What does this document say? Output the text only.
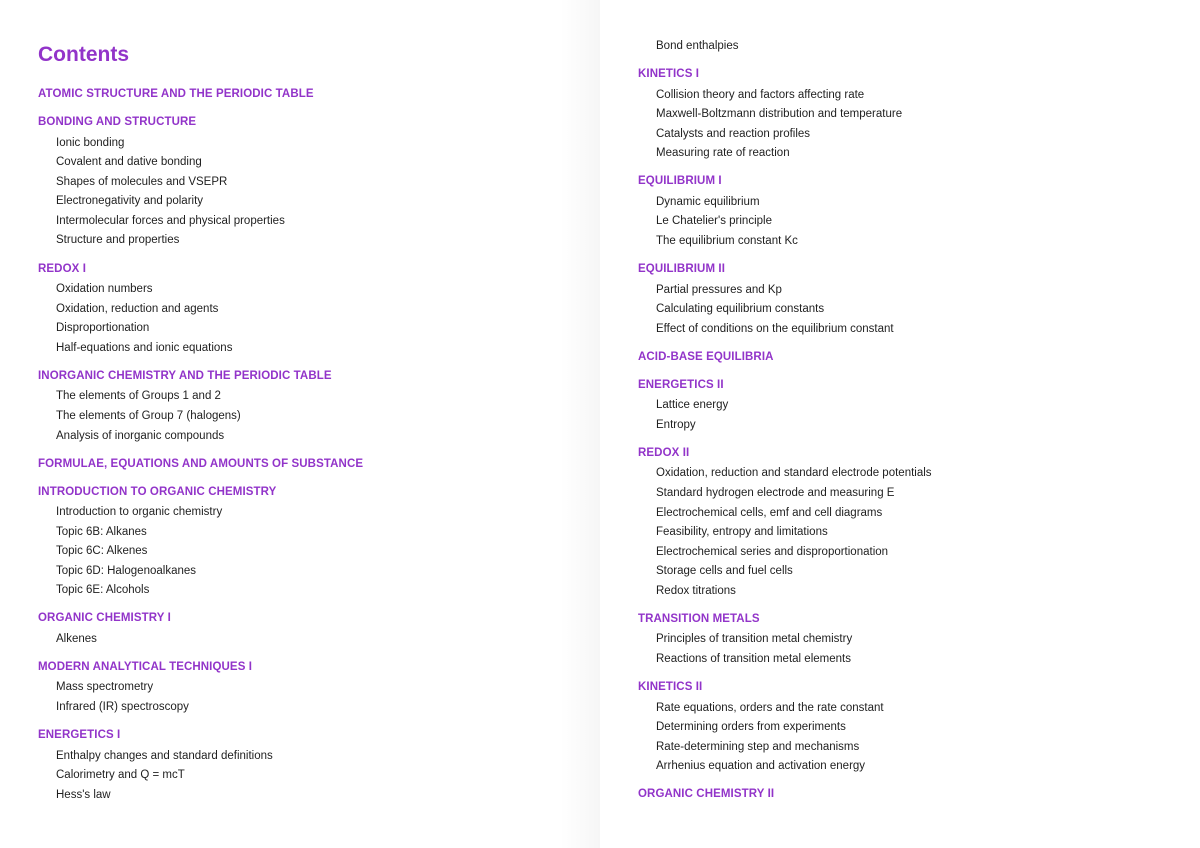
Contents
ATOMIC STRUCTURE AND THE PERIODIC TABLE
BONDING AND STRUCTURE
Ionic bonding
Covalent and dative bonding
Shapes of molecules and VSEPR
Electronegativity and polarity
Intermolecular forces and physical properties
Structure and properties
REDOX I
Oxidation numbers
Oxidation, reduction and agents
Disproportionation
Half-equations and ionic equations
INORGANIC CHEMISTRY AND THE PERIODIC TABLE
The elements of Groups 1 and 2
The elements of Group 7 (halogens)
Analysis of inorganic compounds
FORMULAE, EQUATIONS AND AMOUNTS OF SUBSTANCE
INTRODUCTION TO ORGANIC CHEMISTRY
Introduction to organic chemistry
Topic 6B: Alkanes
Topic 6C: Alkenes
Topic 6D: Halogenoalkanes
Topic 6E: Alcohols
ORGANIC CHEMISTRY I
Alkenes
MODERN ANALYTICAL TECHNIQUES I
Mass spectrometry
Infrared (IR) spectroscopy
ENERGETICS I
Enthalpy changes and standard definitions
Calorimetry and Q = mcT
Hess's law
Bond enthalpies
KINETICS I
Collision theory and factors affecting rate
Maxwell-Boltzmann distribution and temperature
Catalysts and reaction profiles
Measuring rate of reaction
EQUILIBRIUM I
Dynamic equilibrium
Le Chatelier's principle
The equilibrium constant Kc
EQUILIBRIUM II
Partial pressures and Kp
Calculating equilibrium constants
Effect of conditions on the equilibrium constant
ACID-BASE EQUILIBRIA
ENERGETICS II
Lattice energy
Entropy
REDOX II
Oxidation, reduction and standard electrode potentials
Standard hydrogen electrode and measuring E
Electrochemical cells, emf and cell diagrams
Feasibility, entropy and limitations
Electrochemical series and disproportionation
Storage cells and fuel cells
Redox titrations
TRANSITION METALS
Principles of transition metal chemistry
Reactions of transition metal elements
KINETICS II
Rate equations, orders and the rate constant
Determining orders from experiments
Rate-determining step and mechanisms
Arrhenius equation and activation energy
ORGANIC CHEMISTRY II
